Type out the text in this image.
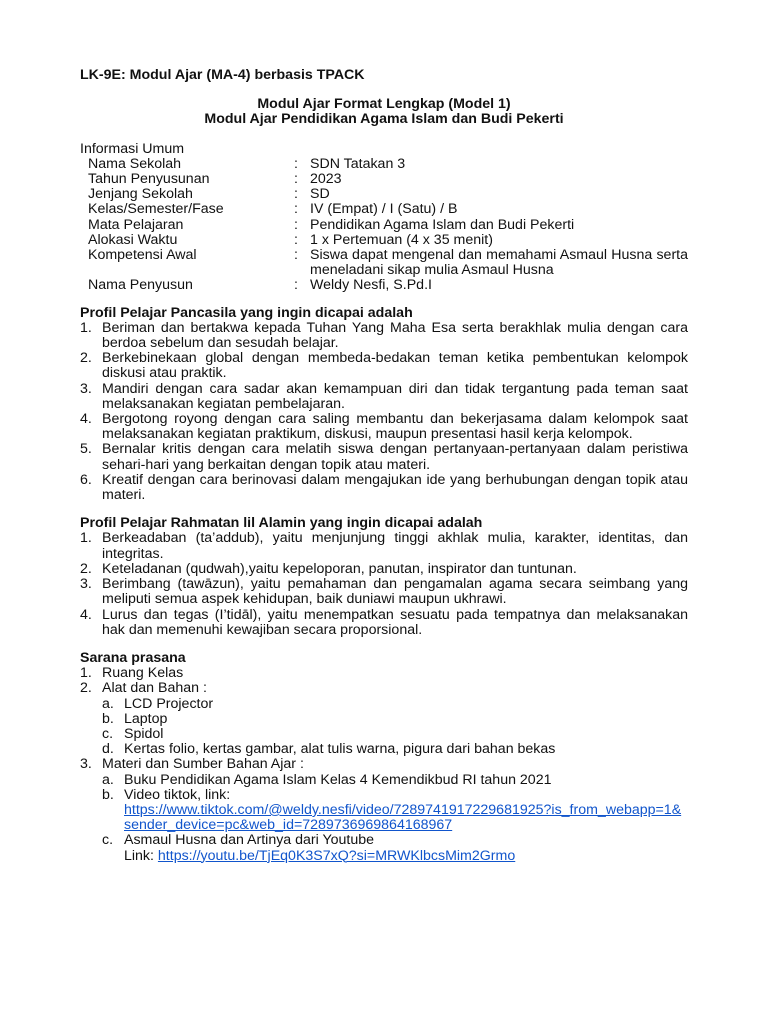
LK-9E: Modul Ajar (MA-4) berbasis TPACK
Modul Ajar Format Lengkap (Model 1)
Modul Ajar Pendidikan Agama Islam dan Budi Pekerti
Informasi Umum
Nama Sekolah	: SDN Tatakan 3
Tahun Penyusunan	: 2023
Jenjang Sekolah	: SD
Kelas/Semester/Fase	: IV (Empat) / I (Satu) / B
Mata Pelajaran	: Pendidikan Agama Islam dan Budi Pekerti
Alokasi Waktu	: 1 x Pertemuan (4 x 35 menit)
Kompetensi Awal	: Siswa dapat mengenal dan memahami Asmaul Husna serta meneladani sikap mulia Asmaul Husna
Nama Penyusun	: Weldy Nesfi, S.Pd.I
Profil Pelajar Pancasila yang ingin dicapai adalah
1. Beriman dan bertakwa kepada Tuhan Yang Maha Esa serta berakhlak mulia dengan cara berdoa sebelum dan sesudah belajar.
2. Berkebinekaan global dengan membeda-bedakan teman ketika pembentukan kelompok diskusi atau praktik.
3. Mandiri dengan cara sadar akan kemampuan diri dan tidak tergantung pada teman saat melaksanakan kegiatan pembelajaran.
4. Bergotong royong dengan cara saling membantu dan bekerjasama dalam kelompok saat melaksanakan kegiatan praktikum, diskusi, maupun presentasi hasil kerja kelompok.
5. Bernalar kritis dengan cara melatih siswa dengan pertanyaan-pertanyaan dalam peristiwa sehari-hari yang berkaitan dengan topik atau materi.
6. Kreatif dengan cara berinovasi dalam mengajukan ide yang berhubungan dengan topik atau materi.
Profil Pelajar Rahmatan lil Alamin yang ingin dicapai adalah
1. Berkeadaban (ta’addub), yaitu menjunjung tinggi akhlak mulia, karakter, identitas, dan integritas.
2. Keteladanan (qudwah),yaitu kepeloporan, panutan, inspirator dan tuntunan.
3. Berimbang (tawāzun), yaitu pemahaman dan pengamalan agama secara seimbang yang meliputi semua aspek kehidupan, baik duniawi maupun ukhrawi.
4. Lurus dan tegas (I’tidāl), yaitu menempatkan sesuatu pada tempatnya dan melaksanakan hak dan memenuhi kewajiban secara proporsional.
Sarana prasana
1. Ruang Kelas
2. Alat dan Bahan :
a. LCD Projector
b. Laptop
c. Spidol
d. Kertas folio, kertas gambar, alat tulis warna, pigura dari bahan bekas
3. Materi dan Sumber Bahan Ajar :
a. Buku Pendidikan Agama Islam Kelas 4 Kemendikbud RI tahun 2021
b. Video tiktok, link:
https://www.tiktok.com/@weldy.nesfi/video/7289741917229681925?is_from_webapp=1&sender_device=pc&web_id=7289736969864168967
c. Asmaul Husna dan Artinya dari Youtube
Link: https://youtu.be/TjEq0K3S7xQ?si=MRWKlbcsMim2Grmo
